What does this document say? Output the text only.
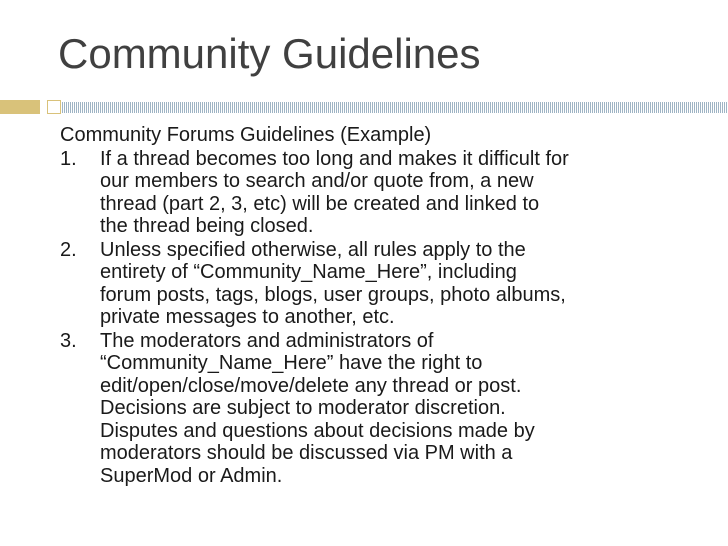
Community Guidelines
Community Forums Guidelines (Example)
1.	If a thread becomes too long and makes it difficult for
our members to search and/or quote from, a new
thread (part 2, 3, etc) will be created and linked to
the thread being closed.
2.	Unless specified otherwise, all rules apply to the
entirety of “Community_Name_Here”, including
forum posts, tags, blogs, user groups, photo albums,
private messages to another, etc.
3.	The moderators and administrators of
“Community_Name_Here” have the right to
edit/open/close/move/delete any thread or post.
Decisions are subject to moderator discretion.
Disputes and questions about decisions made by
moderators should be discussed via PM with a
SuperMod or Admin.
